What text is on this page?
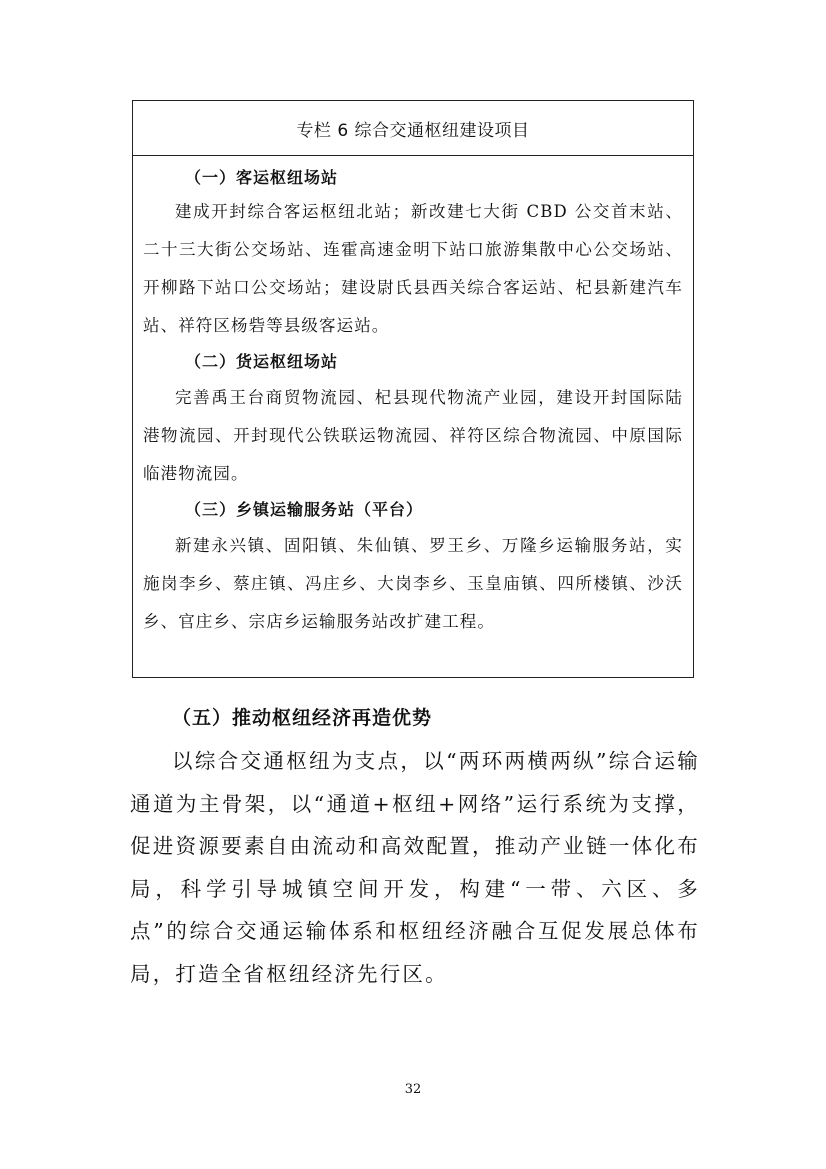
专栏 6 综合交通枢纽建设项目
（一）客运枢纽场站

建成开封综合客运枢纽北站；新改建七大街 CBD 公交首末站、二十三大街公交场站、连霍高速金明下站口旅游集散中心公交场站、开柳路下站口公交场站；建设尉氏县西关综合客运站、杞县新建汽车站、祥符区杨砦等县级客运站。

（二）货运枢纽场站

完善禹王台商贸物流园、杞县现代物流产业园，建设开封国际陆港物流园、开封现代公铁联运物流园、祥符区综合物流园、中原国际临港物流园。

（三）乡镇运输服务站（平台）

新建永兴镇、固阳镇、朱仙镇、罗王乡、万隆乡运输服务站，实施岗李乡、蔡庄镇、冯庄乡、大岗李乡、玉皇庙镇、四所楼镇、沙沃乡、官庄乡、宗店乡运输服务站改扩建工程。

（五）推动枢纽经济再造优势

以综合交通枢纽为支点，以“两环两横两纵”综合运输通道为主骨架，以“通道+枢纽+网络”运行系统为支撑，促进资源要素自由流动和高效配置，推动产业链一体化布局，科学引导城镇空间开发，构建“一带、六区、多点”的综合交通运输体系和枢纽经济融合互促发展总体布局，打造全省枢纽经济先行区。

32
